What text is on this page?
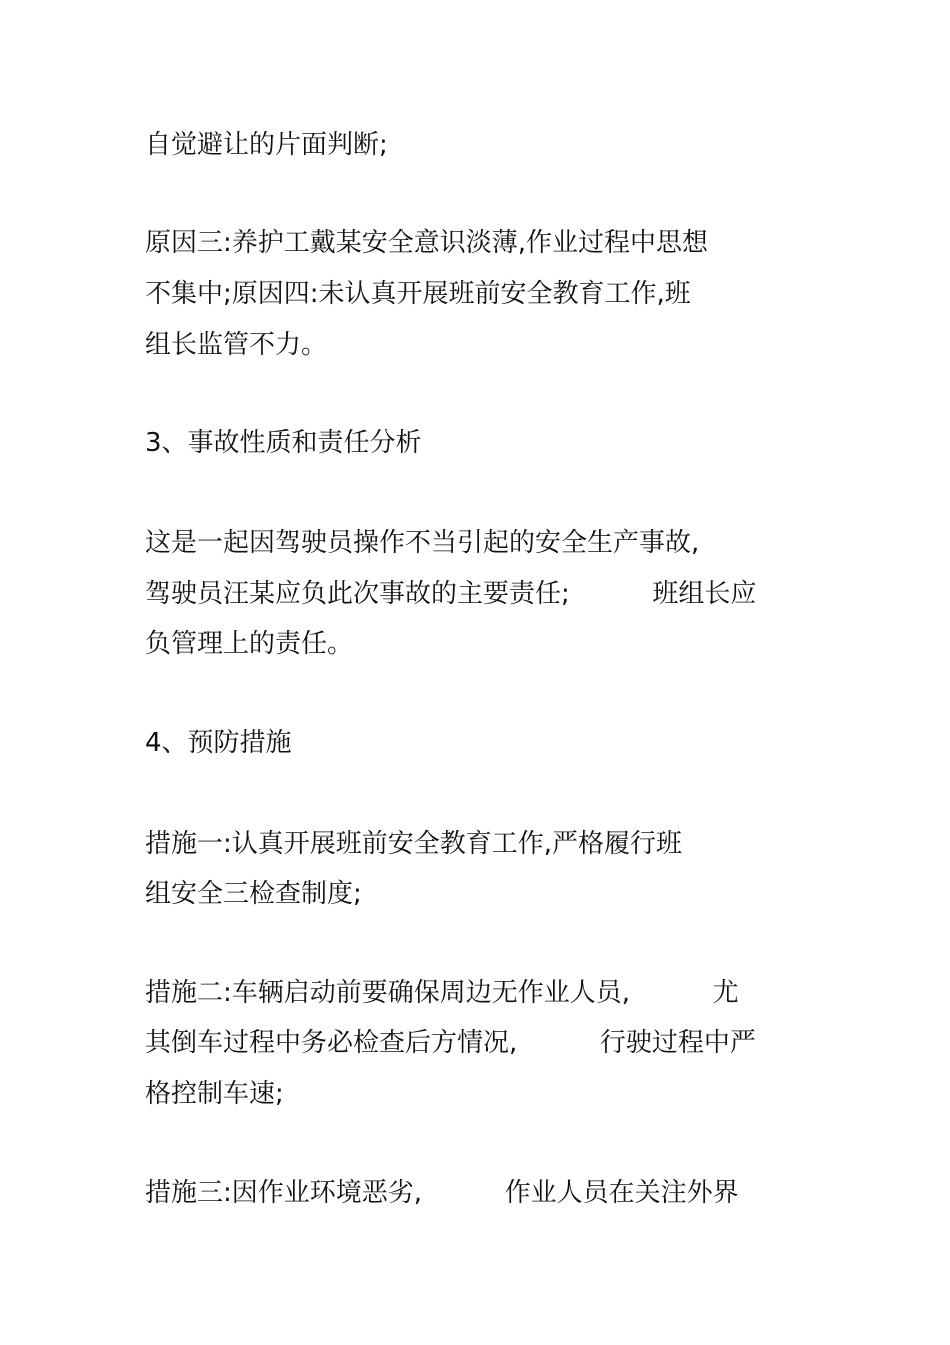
自觉避让的片面判断;

原因三:养护工戴某安全意识淡薄,作业过程中思想

不集中;原因四:未认真开展班前安全教育工作,班

组长监管不力。

3、事故性质和责任分析

这是一起因驾驶员操作不当引起的安全生产事故,

驾驶员汪某应负此次事故的主要责任;          班组长应

负管理上的责任。

4、预防措施

措施一:认真开展班前安全教育工作,严格履行班

组安全三检查制度;

措施二:车辆启动前要确保周边无作业人员,          尤

其倒车过程中务必检查后方情况,          行驶过程中严

格控制车速;

措施三:因作业环境恶劣,          作业人员在关注外界
